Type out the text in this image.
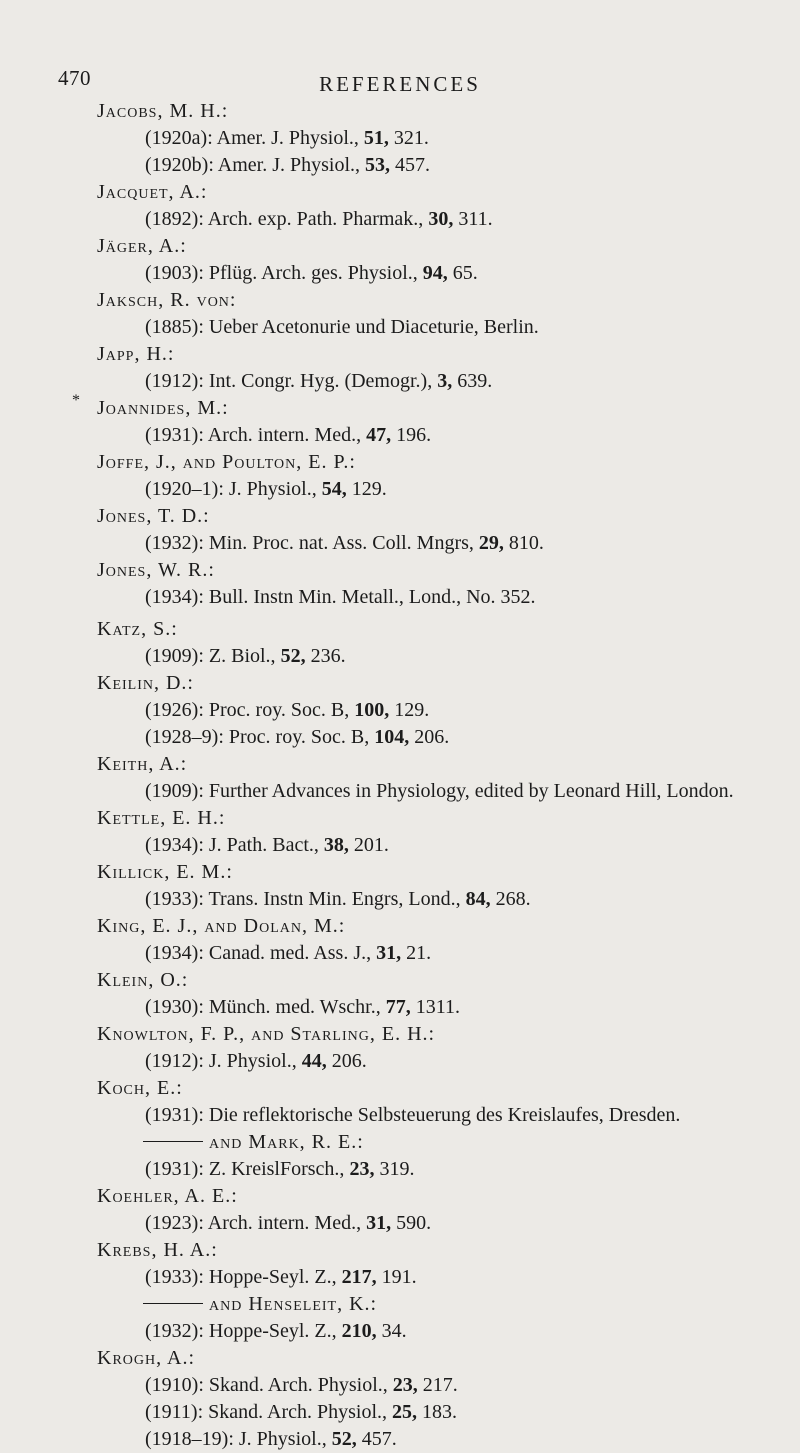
470	REFERENCES
*
Jacobs, M. H.:
(1920a): Amer. J. Physiol., 51, 321.
(1920b): Amer. J. Physiol., 53, 457.
Jacquet, A.:
(1892): Arch. exp. Path. Pharmak., 30, 311.
Jäger, A.:
(1903): Pflüg. Arch. ges. Physiol., 94, 65.
Jaksch, R. von:
(1885): Ueber Acetonurie und Diaceturie, Berlin.
Japp, H.:
(1912): Int. Congr. Hyg. (Demogr.), 3, 639.
Joannides, M.:
(1931): Arch. intern. Med., 47, 196.
Joffe, J., and Poulton, E. P.:
(1920–1): J. Physiol., 54, 129.
Jones, T. D.:
(1932): Min. Proc. nat. Ass. Coll. Mngrs, 29, 810.
Jones, W. R.:
(1934): Bull. Instn Min. Metall., Lond., No. 352.
Katz, S.:
(1909): Z. Biol., 52, 236.
Keilin, D.:
(1926): Proc. roy. Soc. B, 100, 129.
(1928–9): Proc. roy. Soc. B, 104, 206.
Keith, A.:
(1909): Further Advances in Physiology, edited by Leonard Hill, London.
Kettle, E. H.:
(1934): J. Path. Bact., 38, 201.
Killick, E. M.:
(1933): Trans. Instn Min. Engrs, Lond., 84, 268.
King, E. J., and Dolan, M.:
(1934): Canad. med. Ass. J., 31, 21.
Klein, O.:
(1930): Münch. med. Wschr., 77, 1311.
Knowlton, F. P., and Starling, E. H.:
(1912): J. Physiol., 44, 206.
Koch, E.:
(1931): Die reflektorische Selbsteuerung des Kreislaufes, Dresden.
and Mark, R. E.:
(1931): Z. KreislForsch., 23, 319.
Koehler, A. E.:
(1923): Arch. intern. Med., 31, 590.
Krebs, H. A.:
(1933): Hoppe-Seyl. Z., 217, 191.
and Henseleit, K.:
(1932): Hoppe-Seyl. Z., 210, 34.
Krogh, A.:
(1910): Skand. Arch. Physiol., 23, 217.
(1911): Skand. Arch. Physiol., 25, 183.
(1918–19): J. Physiol., 52, 457.
